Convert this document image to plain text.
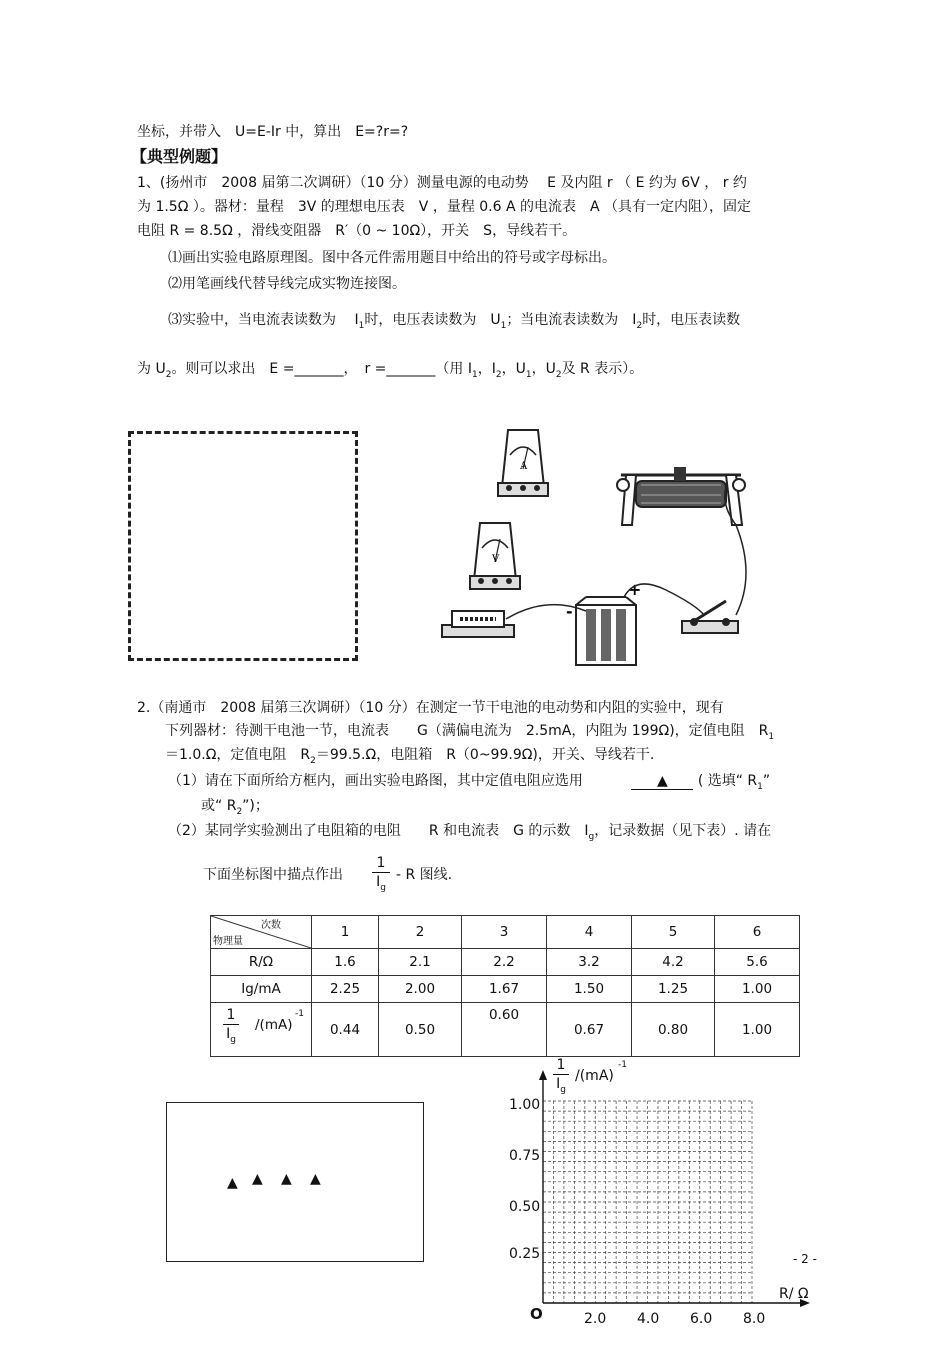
坐标，并带入　U=E-Ir 中，算出　E=?r=?
【典型例题】
1、(扬州市　2008 届第二次调研）（10 分）测量电源的电动势　 E 及内阻 r （ E 约为 6V ， r 约
为 1.5Ω ）。器材：量程　3V 的理想电压表　V ，量程 0.6 A 的电流表　A （具有一定内阻），固定
电阻 R = 8.5Ω ，滑线变阻器　R′（0 ~ 10Ω），开关　S，导线若干。
⑴画出实验电路原理图。图中各元件需用题目中给出的符号或字母标出。
⑵用笔画线代替导线完成实物连接图。
⑶实验中，当电流表读数为　 $I_1$时，电压表读数为　$U_1$；当电流表读数为　$I_2$时，电压表读数
为 $U_2$。则可以求出　E =_______，　r =_______（用 $I_1$，$I_2$，$U_1$，$U_2$及 R 表示）。
A
V
-
+
2.（南通市　2008 届第三次调研）（10 分）在测定一节干电池的电动势和内阻的实验中，现有
下列器材：待测干电池一节，电流表　　G（满偏电流为　2.5mA，内阻为 199Ω)，定值电阻　$R_1$
＝1.0.Ω，定值电阻　$R_2=99.5.\Omega$，电阻箱　R（0~99.9Ω)，开关、导线若干.
（1）请在下面所给方框内，画出实验电路图，其中定值电阻应选用	▲ ( 选填“ $R_1$”
或“ $R_2$”)；
（2）某同学实验测出了电阻箱的电阻　　R 和电流表　G 的示数　$I_g$，记录数据（见下表）. 请在
下面坐标图中描点作出 $\frac{1}{I_g}$ - R 图线.
次数
物理量	1	2	3	4	5	6
R/Ω	1.6	2.1	2.2	3.2	4.2	5.6
Ig/mA	2.25	2.00	1.67	1.50	1.25	1.00

$\frac{1}{I_g} /(mA)$
-1	0.44	0.50	0.60	0.67	0.80	1.00
▲ ▲ ▲ ▲
$\frac{1}{I_g} /(mA)$
-1
1.00
0.75
0.50
0.25
2.0 4.0 6.0 8.0
O
R/ Ω
- 2 -
